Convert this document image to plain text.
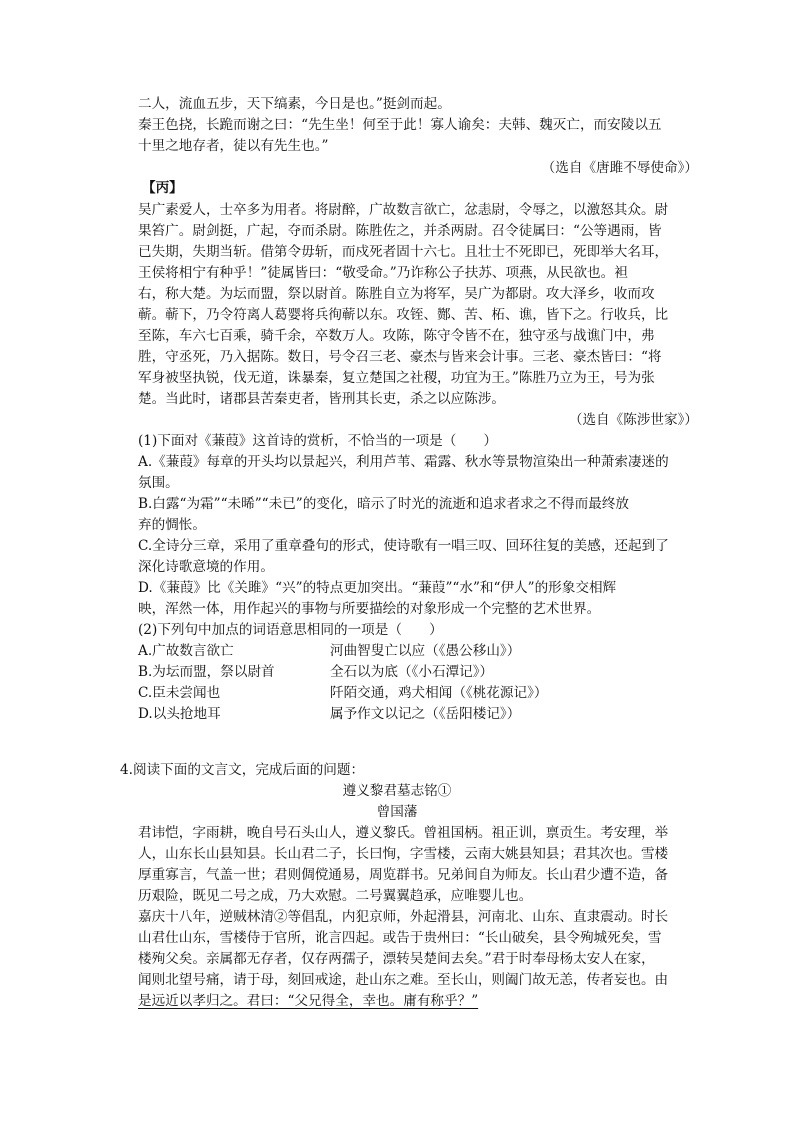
二人，流血五步，天下缟素，今日是也。”挺剑而起。
秦王色挠，长跪而谢之曰：“先生坐！何至于此！寡人谕矣：夫韩、魏灭亡，而安陵以五
十里之地存者，徒以有先生也。”
（选自《唐雎不辱使命》）
【丙】
吴广素爱人，士卒多为用者。将尉醉，广故数言欲亡，忿恚尉，令辱之，以激怒其众。尉
果笞广。尉剑挺，广起，夺而杀尉。陈胜佐之，并杀两尉。召令徒属曰：“公等遇雨，皆
已失期，失期当斩。借第令毋斩，而戍死者固十六七。且壮士不死即已，死即举大名耳，
王侯将相宁有种乎！”徒属皆曰：“敬受命。”乃诈称公子扶苏、项燕，从民欲也。袒
右，称大楚。为坛而盟，祭以尉首。陈胜自立为将军，吴广为都尉。攻大泽乡，收而攻
蕲。蕲下，乃令符离人葛婴将兵徇蕲以东。攻铚、酂、苦、柘、谯，皆下之。行收兵，比
至陈，车六七百乘，骑千余，卒数万人。攻陈，陈守令皆不在，独守丞与战谯门中，弗
胜，守丞死，乃入据陈。数日，号令召三老、豪杰与皆来会计事。三老、豪杰皆曰：“将
军身被坚执锐，伐无道，诛暴秦，复立楚国之社稷，功宜为王。”陈胜乃立为王，号为张
楚。当此时，诸郡县苦秦吏者，皆刑其长吏，杀之以应陈涉。
（选自《陈涉世家》）
(1)下面对《蒹葭》这首诗的赏析，不恰当的一项是（　　）
A.《蒹葭》每章的开头均以景起兴，利用芦苇、霜露、秋水等景物渲染出一种萧索凄迷的
氛围。
B.白露“为霜”“未晞”“未已”的变化，暗示了时光的流逝和追求者求之不得而最终放
弃的惆怅。
C.全诗分三章，采用了重章叠句的形式，使诗歌有一唱三叹、回环往复的美感，还起到了
深化诗歌意境的作用。
D.《蒹葭》比《关雎》“兴”的特点更加突出。“蒹葭”“水”和“伊人”的形象交相辉
映，浑然一体，用作起兴的事物与所要描绘的对象形成一个完整的艺术世界。
(2)下列句中加点的词语意思相同的一项是（　　）
A.广故数言欲亡	河曲智叟亡以应（《愚公移山》）
B.为坛而盟，祭以尉首	全石以为底（《小石潭记》）
C.臣未尝闻也	阡陌交通，鸡犬相闻（《桃花源记》）
D.以头抢地耳	属予作文以记之（《岳阳楼记》）
4.阅读下面的文言文，完成后面的问题：
遵义黎君墓志铭①
曾国藩
君讳恺，字雨耕，晚自号石头山人，遵义黎氏。曾祖国柄。祖正训，禀贡生。考安理，举
人，山东长山县知县。长山君二子，长曰恂，字雪楼，云南大姚县知县；君其次也。雪楼
厚重寡言，气盖一世；君则倜傥通易，周览群书。兄弟间自为师友。长山君少遭不造，备
历艰险，既见二号之成，乃大欢慰。二号翼翼趋承，应唯婴儿也。
嘉庆十八年，逆贼林清②等倡乱，内犯京师，外起滑县，河南北、山东、直隶震动。时长
山君仕山东，雪楼侍于官所，讹言四起。或告于贵州曰：“长山破矣，县令殉城死矣，雪
楼殉父矣。亲属都无存者，仅存两孺子，漂转吴楚间去矣。”君于时奉母杨太安人在家，
闻则北望号痛，请于母，刻回戒途，赴山东之难。至长山，则阖门故无恙，传者妄也。由
是远近以孝归之。君曰：“父兄得全，幸也。庸有称乎？”
